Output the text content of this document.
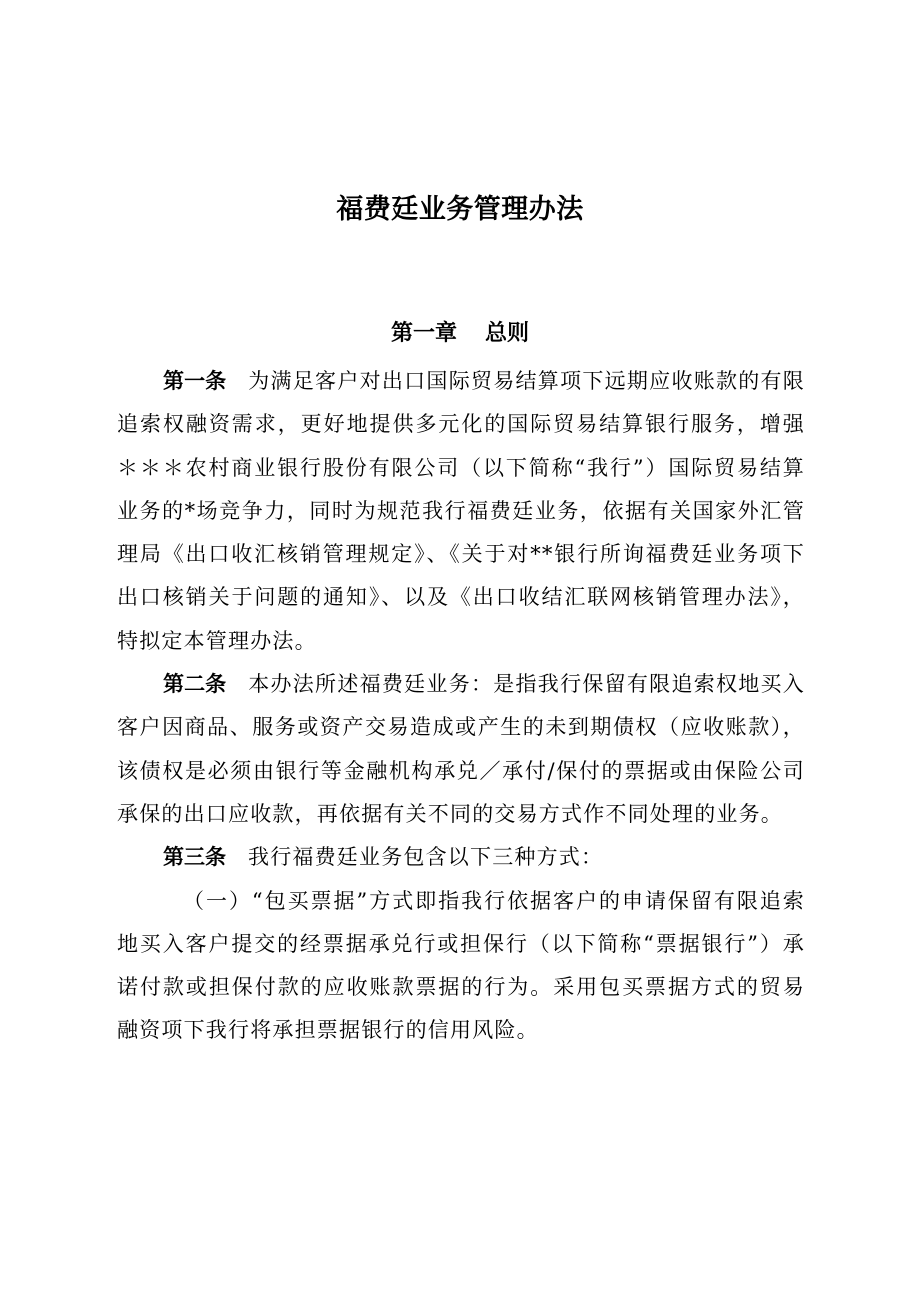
福费廷业务管理办法
第一章 总则

第一条 为满足客户对出口国际贸易结算项下远期应收账款的有限追索权融资需求，更好地提供多元化的国际贸易结算银行服务，增强＊＊＊农村商业银行股份有限公司（以下简称“我行”）国际贸易结算业务的*场竞争力，同时为规范我行福费廷业务，依据有关国家外汇管理局《出口收汇核销管理规定》、《关于对**银行所询福费廷业务项下出口核销关于问题的通知》、以及《出口收结汇联网核销管理办法》，特拟定本管理办法。

第二条 本办法所述福费廷业务：是指我行保留有限追索权地买入客户因商品、服务或资产交易造成或产生的未到期债权（应收账款），该债权是必须由银行等金融机构承兑／承付/保付的票据或由保险公司承保的出口应收款，再依据有关不同的交易方式作不同处理的业务。

第三条 我行福费廷业务包含以下三种方式：

（一）“包买票据”方式即指我行依据客户的申请保留有限追索地买入客户提交的经票据承兑行或担保行（以下简称“票据银行”）承诺付款或担保付款的应收账款票据的行为。采用包买票据方式的贸易融资项下我行将承担票据银行的信用风险。
